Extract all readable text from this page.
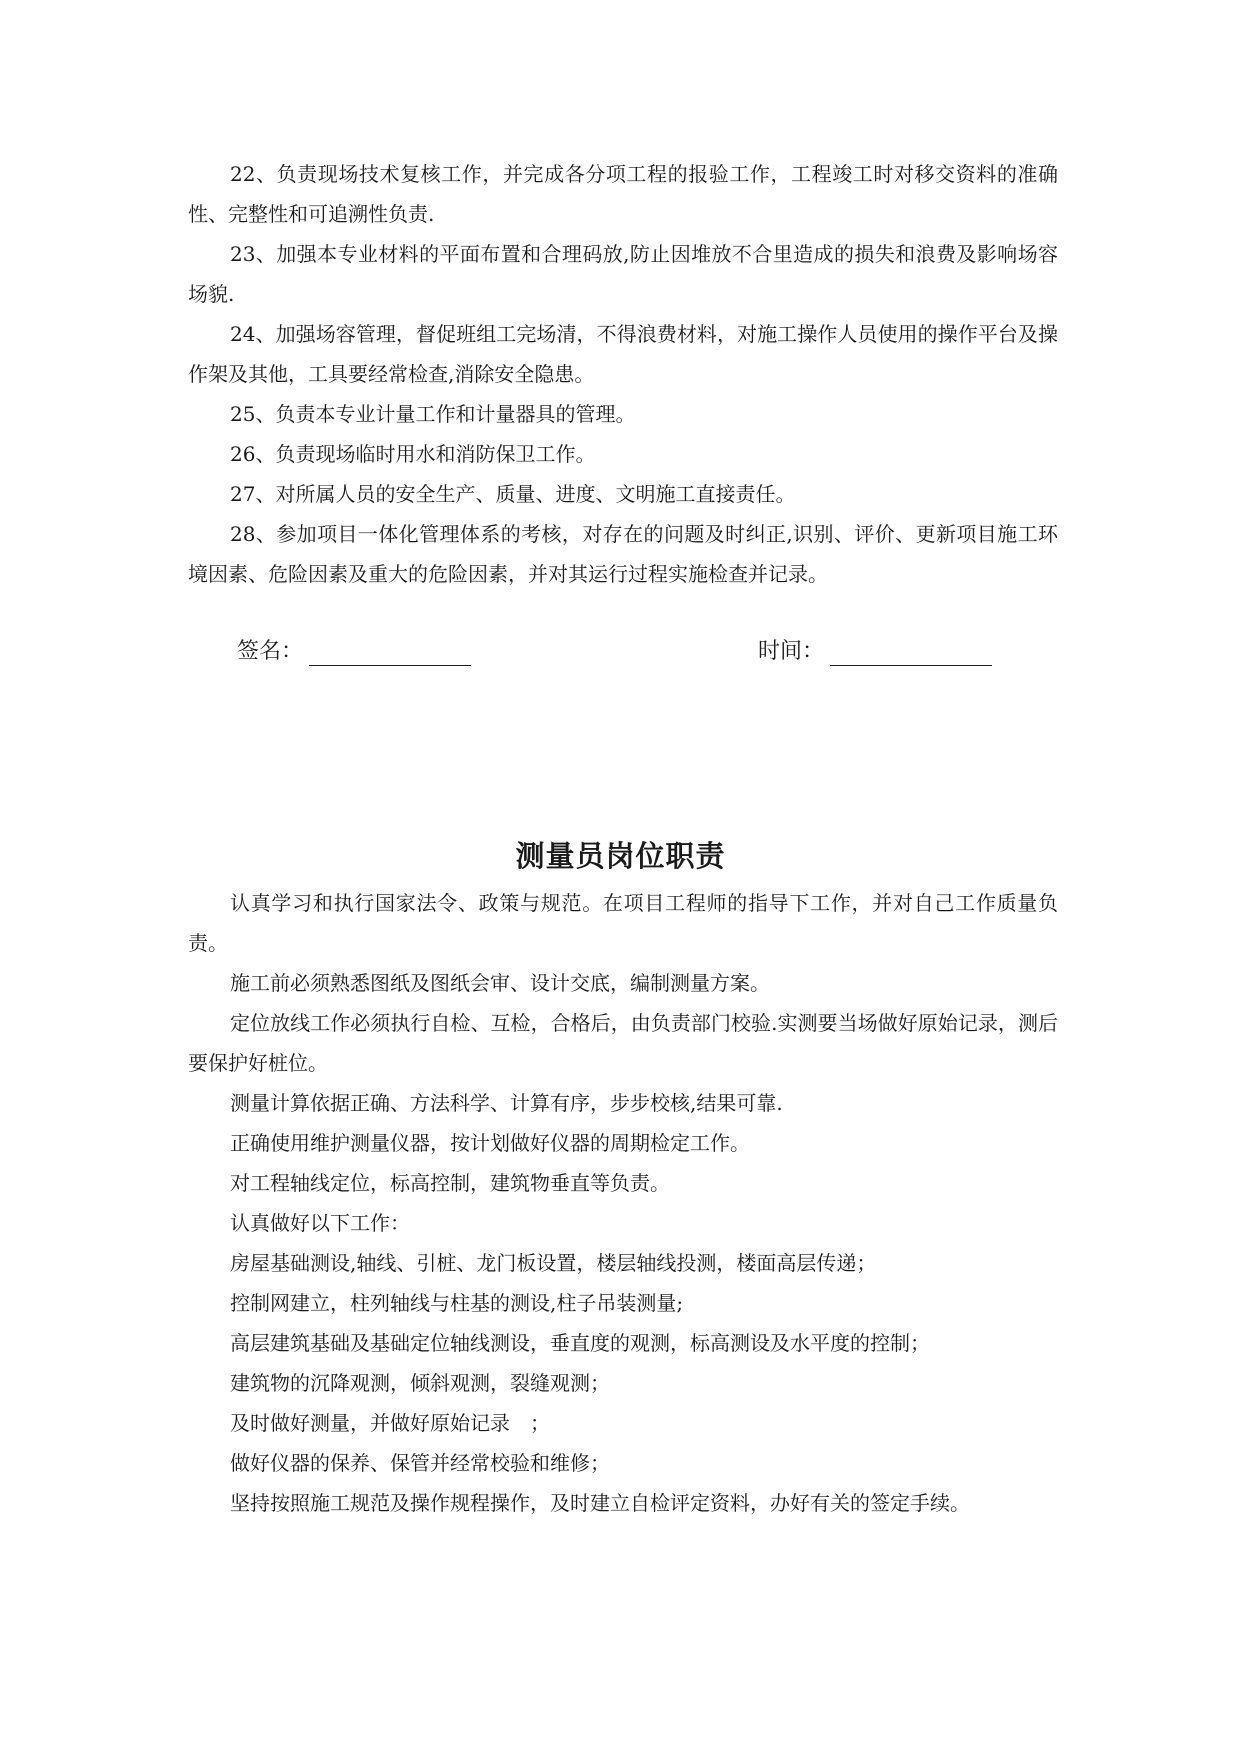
22、负责现场技术复核工作，并完成各分项工程的报验工作，工程竣工时对移交资料的准确性、完整性和可追溯性负责.

23、加强本专业材料的平面布置和合理码放,防止因堆放不合里造成的损失和浪费及影响场容场貌.

24、加强场容管理，督促班组工完场清，不得浪费材料，对施工操作人员使用的操作平台及操作架及其他，工具要经常检查,消除安全隐患。

25、负责本专业计量工作和计量器具的管理。

26、负责现场临时用水和消防保卫工作。

27、对所属人员的安全生产、质量、进度、文明施工直接责任。

28、参加项目一体化管理体系的考核，对存在的问题及时纠正,识别、评价、更新项目施工环境因素、危险因素及重大的危险因素，并对其运行过程实施检查并记录。

签名：	时间：
测量员岗位职责

认真学习和执行国家法令、政策与规范。在项目工程师的指导下工作，并对自己工作质量负责。

施工前必须熟悉图纸及图纸会审、设计交底，编制测量方案。

定位放线工作必须执行自检、互检，合格后，由负责部门校验.实测要当场做好原始记录，测后要保护好桩位。

测量计算依据正确、方法科学、计算有序，步步校核,结果可靠.

正确使用维护测量仪器，按计划做好仪器的周期检定工作。

对工程轴线定位，标高控制，建筑物垂直等负责。

认真做好以下工作：

房屋基础测设,轴线、引桩、龙门板设置，楼层轴线投测，楼面高层传递；

控制网建立，柱列轴线与柱基的测设,柱子吊装测量;

高层建筑基础及基础定位轴线测设，垂直度的观测，标高测设及水平度的控制；

建筑物的沉降观测，倾斜观测，裂缝观测；

及时做好测量，并做好原始记录　；

做好仪器的保养、保管并经常校验和维修；

坚持按照施工规范及操作规程操作，及时建立自检评定资料，办好有关的签定手续。
